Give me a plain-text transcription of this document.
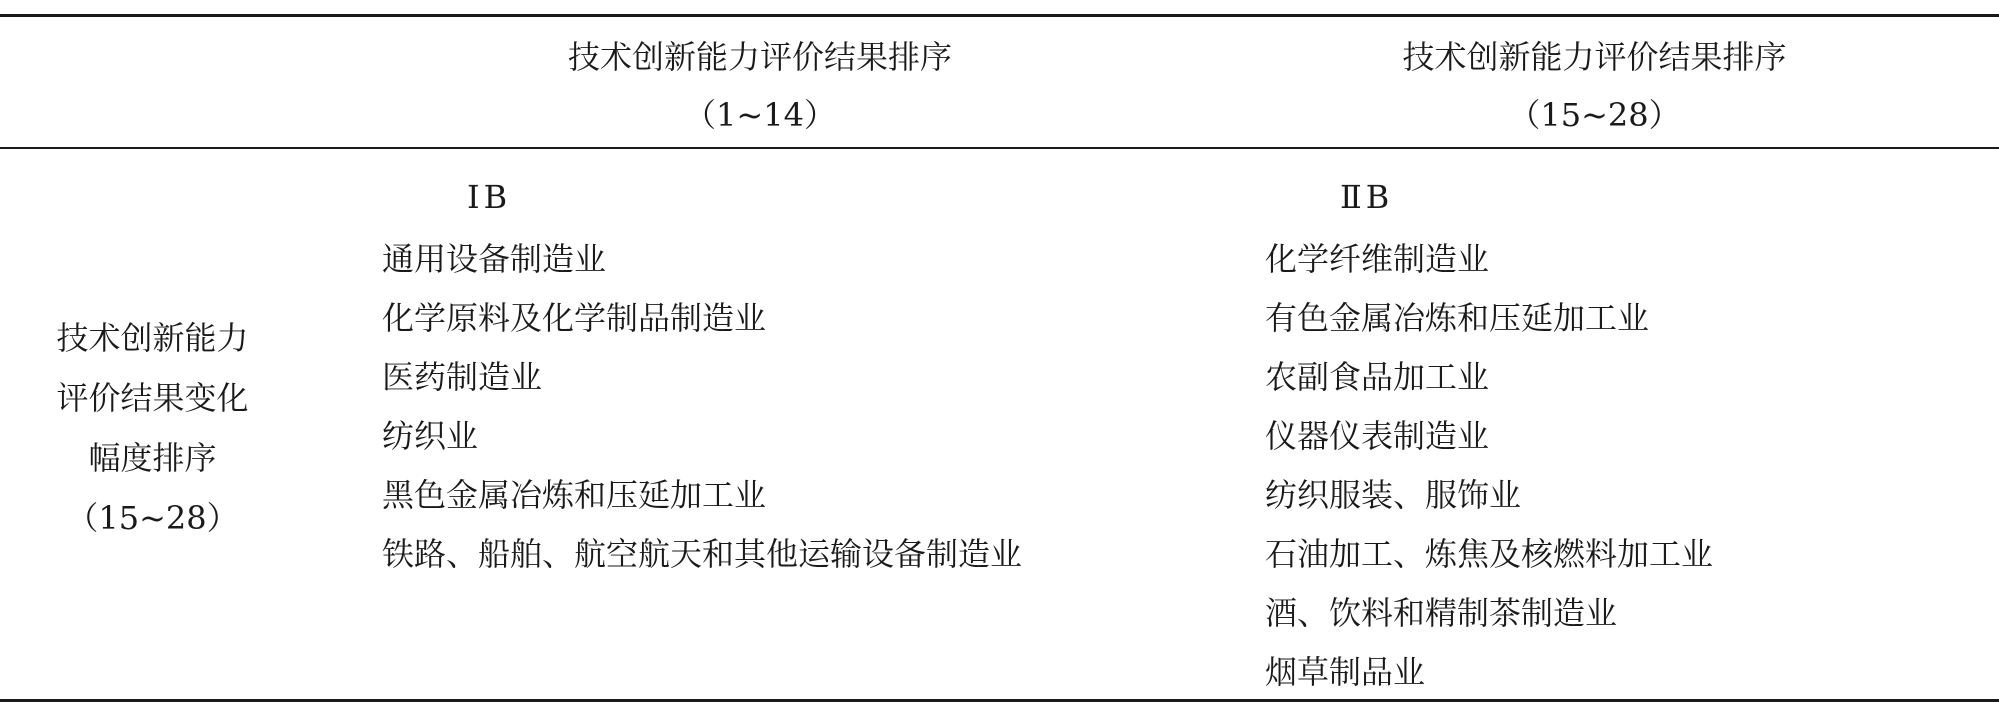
技术创新能力评价结果排序
（1~14）
技术创新能力评价结果排序
（15~28）
技术创新能力
评价结果变化
幅度排序
（15~28）
ⅠB
通用设备制造业
化学原料及化学制品制造业
医药制造业
纺织业
黑色金属冶炼和压延加工业
铁路、船舶、航空航天和其他运输设备制造业
ⅡB
化学纤维制造业
有色金属冶炼和压延加工业
农副食品加工业
仪器仪表制造业
纺织服装、服饰业
石油加工、炼焦及核燃料加工业
酒、饮料和精制茶制造业
烟草制品业
